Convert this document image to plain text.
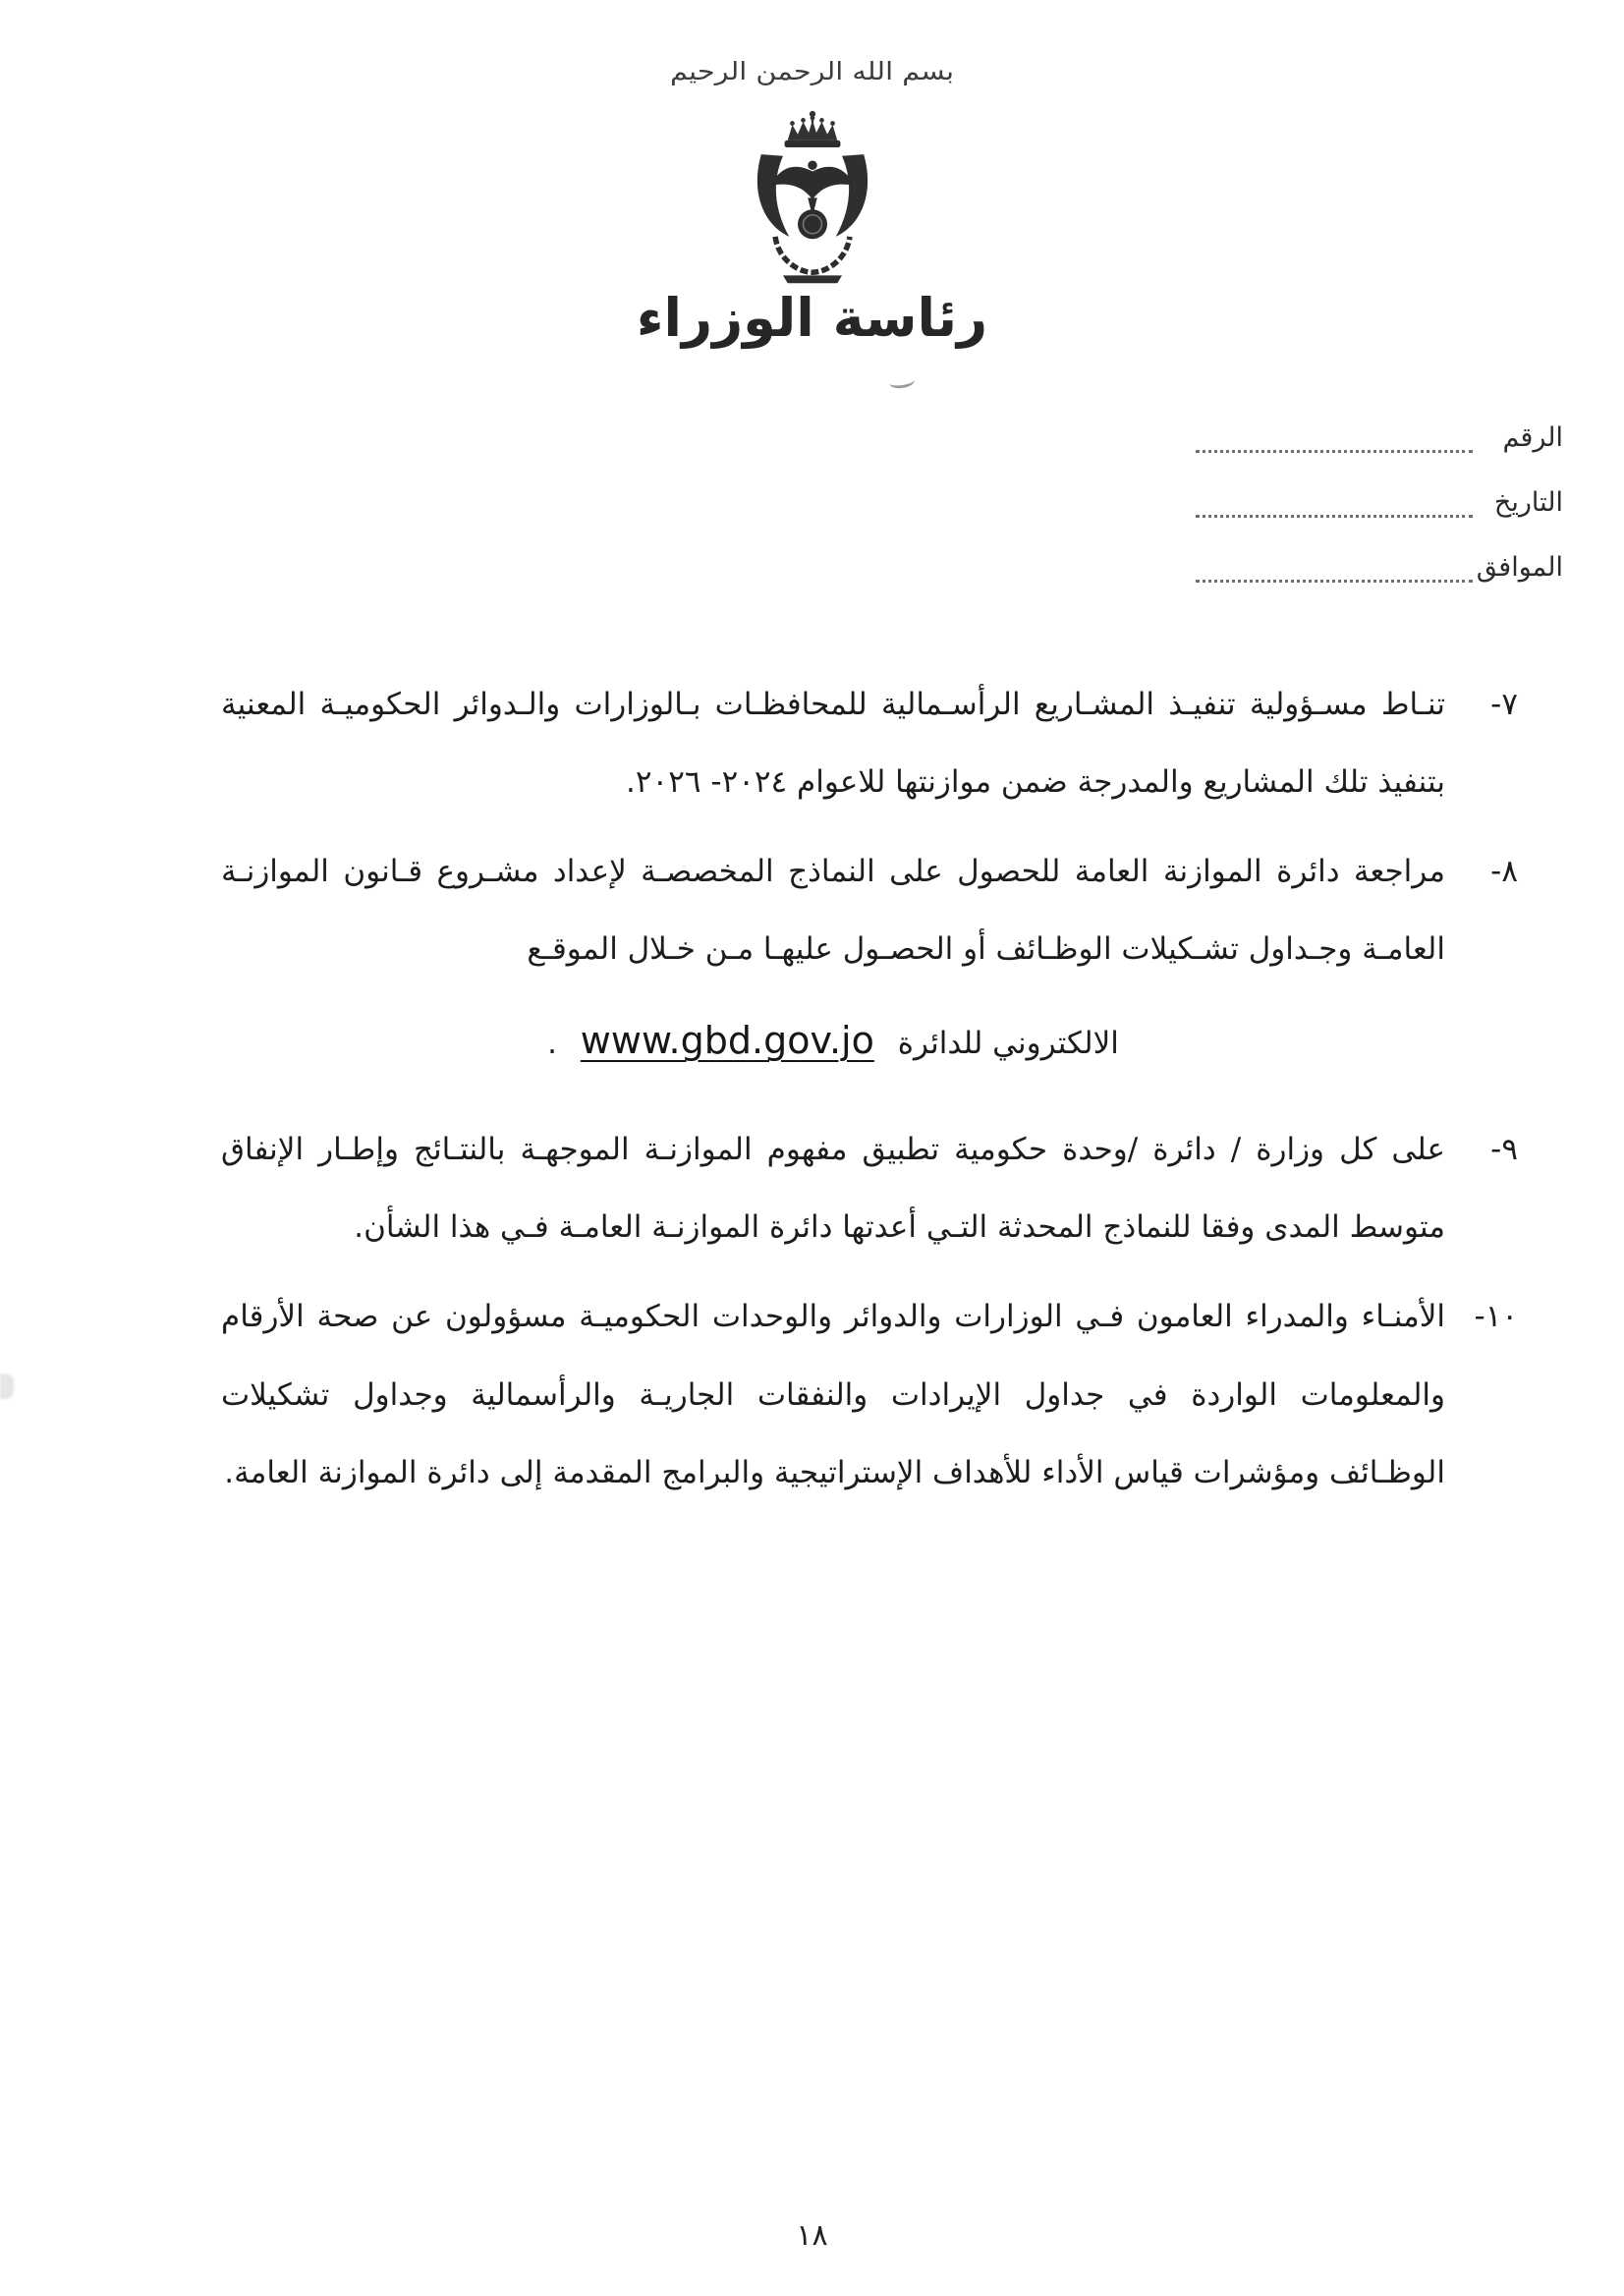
بسم الله الرحمن الرحيم
رئاسة الوزراء
الرقم
التاريخ
الموافق
٧-
تنـاط مسـؤولية تنفيـذ المشـاريع الرأسـمالية للمحافظـات بـالوزارات والـدوائر الحكوميـة المعنية بتنفيذ تلك المشاريع والمدرجة ضمن موازنتها للاعوام ٢٠٢٤- ٢٠٢٦.
٨-
مراجعة دائرة الموازنة العامة للحصول على النماذج المخصصـة لإعداد مشـروع قـانون الموازنـة العامـة وجـداول تشـكيلات الوظـائف أو الحصـول عليهـا مـن خـلال الموقـع
الالكتروني للدائرة www.gbd.gov.jo .
٩-
على كل وزارة / دائرة /وحدة حكومية تطبيق مفهوم الموازنـة الموجهـة بالنتـائج وإطـار الإنفاق متوسط المدى وفقا للنماذج المحدثة التـي أعدتها دائرة الموازنـة العامـة فـي هذا الشأن.
١٠-
الأمنـاء والمدراء العامون فـي الوزارات والدوائر والوحدات الحكوميـة مسؤولون عن صحة الأرقام والمعلومات الواردة في جداول الإيرادات والنفقات الجاريـة والرأسمالية وجداول تشكيلات الوظـائف ومؤشرات قياس الأداء للأهداف الإستراتيجية والبرامج المقدمة إلى دائرة الموازنة العامة.
١٨
